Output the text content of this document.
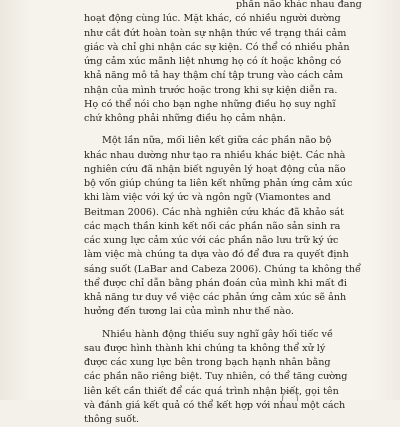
phần não khác nhau đang
hoạt động cùng lúc. Mặt khác, có nhiều người dường
như cắt đứt hoàn toàn sự nhận thức về trạng thái cảm
giác và chỉ ghi nhận các sự kiện. Có thể có nhiều phản
ứng cảm xúc mãnh liệt nhưng họ có ít hoặc không có
khả năng mô tả hay thậm chí tập trung vào cách cảm
nhận của mình trước hoặc trong khi sự kiện diễn ra.
Họ có thể nói cho bạn nghe những điều họ suy nghĩ
chứ không phải những điều họ cảm nhận.
Một lần nữa, mối liên kết giữa các phần não bộ
khác nhau dường như tạo ra nhiều khác biệt. Các nhà
nghiên cứu đã nhận biết nguyên lý hoạt động của não
bộ vốn giúp chúng ta liên kết những phản ứng cảm xúc
khi làm việc với ký ức và ngôn ngữ (Viamontes and
Beitman 2006). Các nhà nghiên cứu khác đã khảo sát
các mạch thần kinh kết nối các phần não sản sinh ra
các xung lực cảm xúc với các phần não lưu trữ ký ức
làm việc mà chúng ta dựa vào đó để đưa ra quyết định
sáng suốt (LaBar and Cabeza 2006). Chúng ta không thể
thể được chỉ dẫn bằng phán đoán của mình khi mất đi
khả năng tư duy về việc các phản ứng cảm xúc sẽ ảnh
hưởng đến tương lai của mình như thế nào.
Nhiều hành động thiếu suy nghĩ gây hối tiếc về
sau được hình thành khi chúng ta không thể xử lý
được các xung lực bên trong bạch hạnh nhân bằng
các phần não riêng biệt. Tuy nhiên, có thể tăng cường
liên kết cần thiết để các quá trình nhận biết, gọi tên
và đánh giá kết quả có thể kết hợp với nhau một cách
thông suốt.
